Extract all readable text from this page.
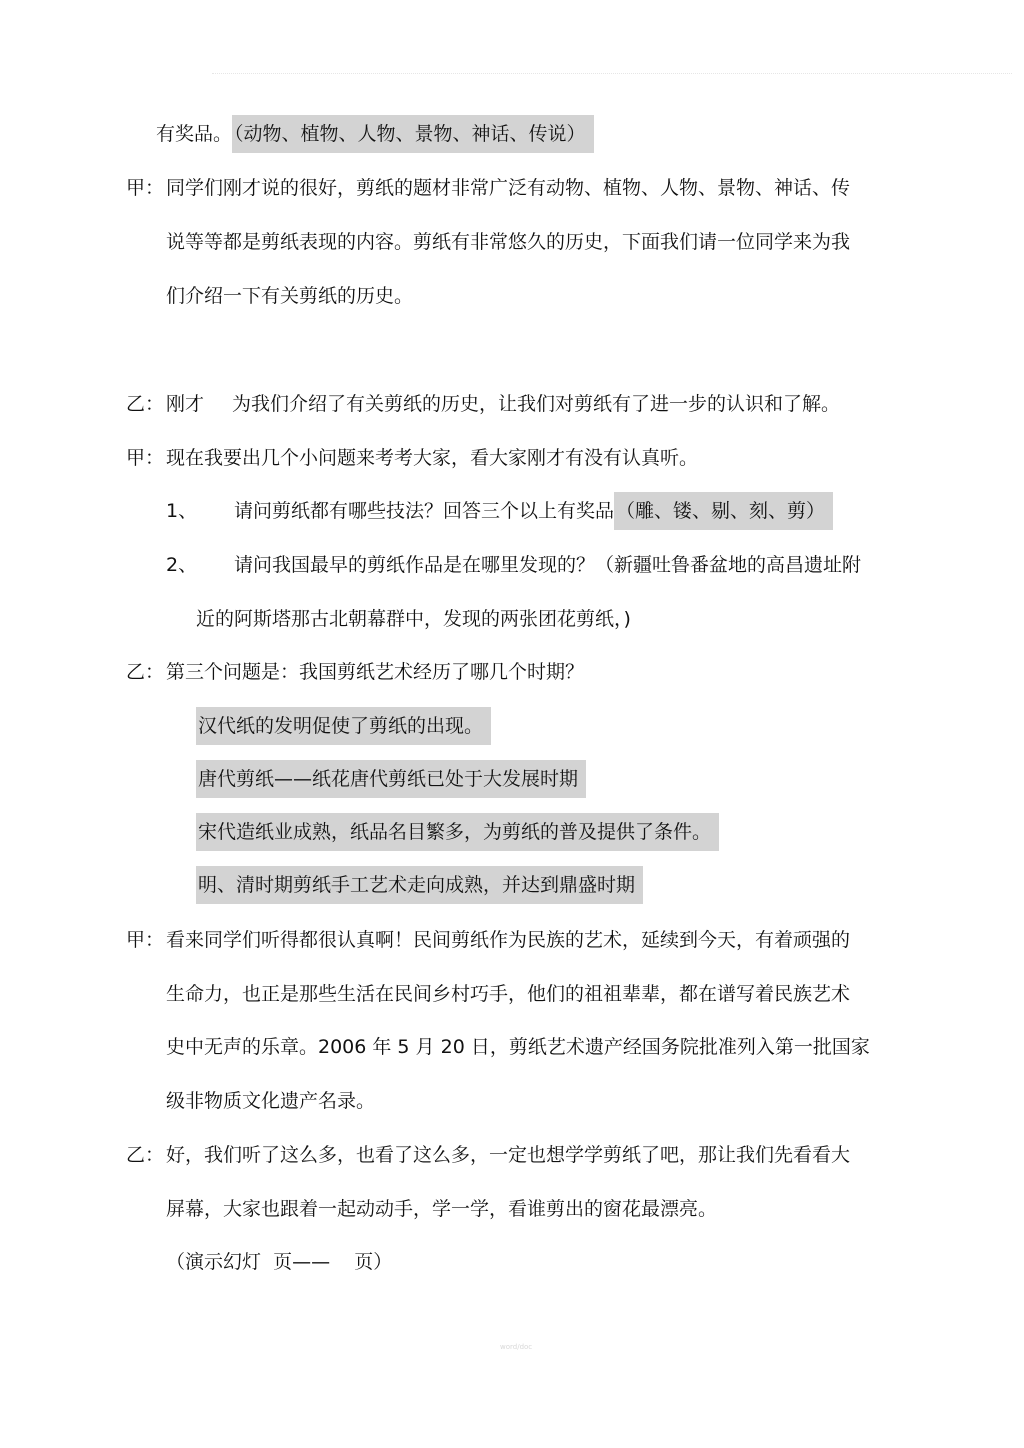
有奖品。 （动物、植物、人物、景物、神话、传说）
甲： 同学们刚才说的很好，剪纸的题材非常广泛有动物、植物、人物、景物、神话、传
说等等都是剪纸表现的内容。剪纸有非常悠久的历史，下面我们请一位同学来为我
们介绍一下有关剪纸的历史。
乙： 刚才 为我们介绍了有关剪纸的历史，让我们对剪纸有了进一步的认识和了解。
甲： 现在我要出几个小问题来考考大家，看大家刚才有没有认真听。
1、 请问剪纸都有哪些技法？回答三个以上有奖品 （雕、镂、剔、刻、剪）
2、 请问我国最早的剪纸作品是在哪里发现的？（新疆吐鲁番盆地的高昌遗址附
近的阿斯塔那古北朝幕群中，发现的两张团花剪纸，)
乙： 第三个问题是：我国剪纸艺术经历了哪几个时期？
汉代纸的发明促使了剪纸的出现。
唐代剪纸——纸花唐代剪纸已处于大发展时期
宋代造纸业成熟，纸品名目繁多，为剪纸的普及提供了条件。
明、清时期剪纸手工艺术走向成熟，并达到鼎盛时期
甲： 看来同学们听得都很认真啊！民间剪纸作为民族的艺术，延续到今天，有着顽强的
生命力，也正是那些生活在民间乡村巧手，他们的祖祖辈辈，都在谱写着民族艺术
史中无声的乐章。2006 年 5 月 20 日，剪纸艺术遗产经国务院批准列入第一批国家
级非物质文化遗产名录。
乙： 好，我们听了这么多，也看了这么多，一定也想学学剪纸了吧，那让我们先看看大
屏幕，大家也跟着一起动动手，学一学，看谁剪出的窗花最漂亮。
（演示幻灯  页——    页）
word/doc
